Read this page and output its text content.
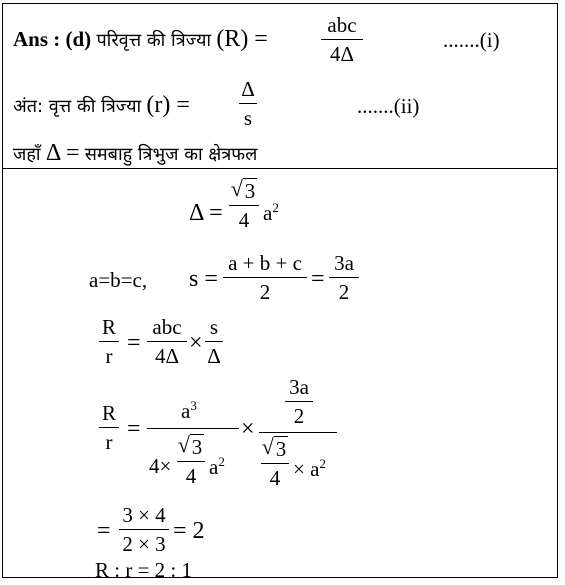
Ans : (d) परिवृत्त की त्रिज्या (R) =
abc
4Δ
.......(i)
अंत: वृत्त की त्रिज्या (r) =
Δ
s	.......(ii)
जहाँ Δ = समबाहु त्रिभुज का क्षेत्रफल
Δ =
√ 3
4 $a^2$
a=b=c, s =
a + b + c
2	=
3a
2
R
r =
abc
4Δ ×
s
Δ
R
r =
$a^3$
4×
√ 3
4 $a^2$
×
3a
2
√ 3
$4 \times a^2$
=
3 × 4
2 × 3 = 2
R : r = 2 : 1
